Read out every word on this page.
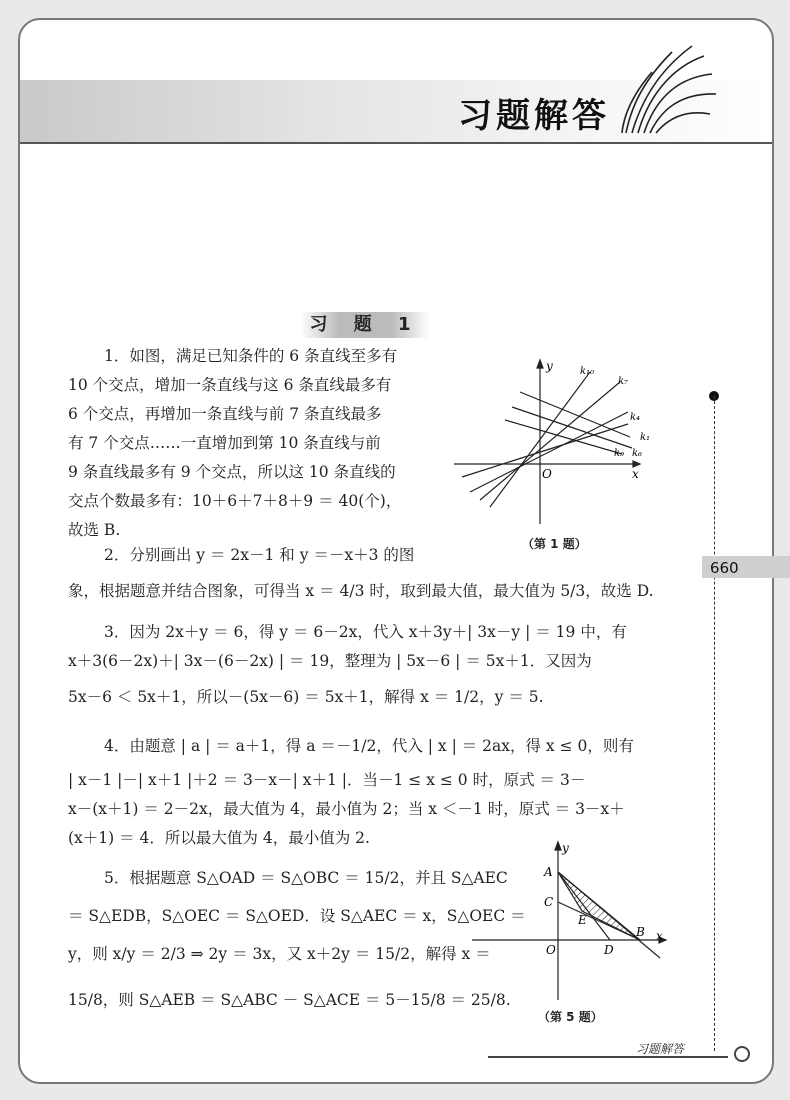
习题解答
099
习 题 1
1．如图，满足已知条件的 6 条直线至多有
10 个交点，增加一条直线与这 6 条直线最多有
6 个交点，再增加一条直线与前 7 条直线最多
有 7 个交点……一直增加到第 10 条直线与前
9 条直线最多有 9 个交点，所以这 10 条直线的
交点个数最多有：10＋6＋7＋8＋9 ＝ 40(个)，
故选 B.
2．分别画出 y ＝ 2x－1 和 y ＝－x＋3 的图
象，根据题意并结合图象，可得当 x ＝ 4/3 时，取到最大值，最大值为 5/3，故选 D.
3．因为 2x＋y ＝ 6，得 y ＝ 6－2x，代入 x＋3y＋| 3x－y | ＝ 19 中，有
x＋3(6－2x)＋| 3x－(6－2x) | ＝ 19，整理为 | 5x－6 | ＝ 5x＋1．又因为
5x－6 ＜ 5x＋1，所以－(5x－6) ＝ 5x＋1，解得 x ＝ 1/2，y ＝ 5.
4．由题意 | a | ＝ a＋1，得 a ＝－1/2，代入 | x | ＝ 2ax，得 x ≤ 0，则有
| x－1 |－| x＋1 |＋2 ＝ 3－x－| x＋1 |．当－1 ≤ x ≤ 0 时，原式 ＝ 3－
x－(x＋1) ＝ 2－2x，最大值为 4，最小值为 2；当 x ＜－1 时，原式 ＝ 3－x＋
(x＋1) ＝ 4．所以最大值为 4，最小值为 2.
5．根据题意 S△OAD ＝ S△OBC ＝ 15/2，并且 S△AEC
＝ S△EDB，S△OEC ＝ S△OED．设 S△AEC ＝ x，S△OEC ＝
y，则 x/y ＝ 2/3 ⇒ 2y ＝ 3x，又 x＋2y ＝ 15/2，解得 x ＝
15/8，则 S△AEB ＝ S△ABC － S△ACE ＝ 5－15/8 ＝ 25/8.
y
x
O
k₁₀
k₇
k₄
k₁
k₆
k₉
（第 1 题）
y
x
O
A
C
E
D
B
（第 5 题）
习题解答
